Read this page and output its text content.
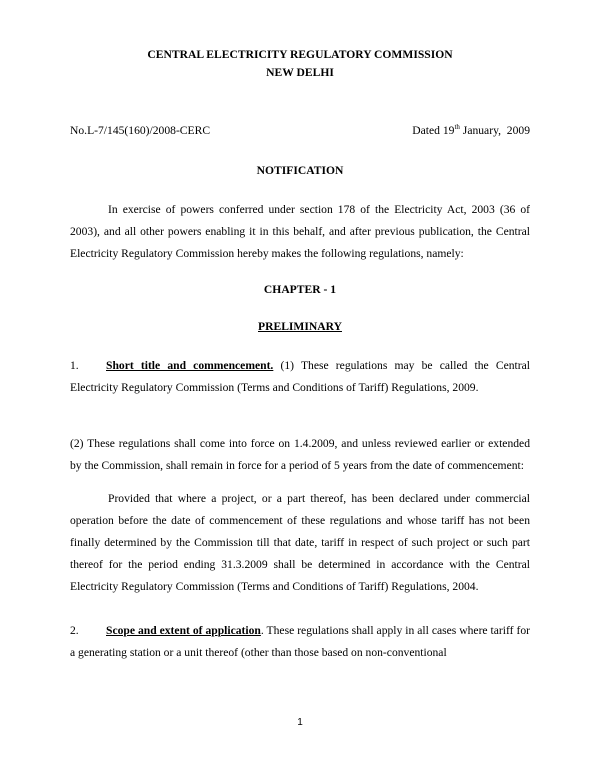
CENTRAL ELECTRICITY REGULATORY COMMISSION
NEW DELHI
No.L-7/145(160)/2008-CERC	Dated 19th January,  2009
NOTIFICATION

In exercise of powers conferred under section 178 of the Electricity Act, 2003 (36 of 2003), and all other powers enabling it in this behalf, and after previous publication, the Central Electricity Regulatory Commission hereby makes the following regulations, namely:

CHAPTER - 1
PRELIMINARY

1. Short title and commencement. (1) These regulations may be called the Central Electricity Regulatory Commission (Terms and Conditions of Tariff) Regulations, 2009.

(2) These regulations shall come into force on 1.4.2009, and unless reviewed earlier or extended by the Commission, shall remain in force for a period of 5 years from the date of commencement:

Provided that where a project, or a part thereof, has been declared under commercial operation before the date of commencement of these regulations and whose tariff has not been finally determined by the Commission till that date, tariff in respect of such project or such part thereof for the period ending 31.3.2009 shall be determined in accordance with the Central Electricity Regulatory Commission (Terms and Conditions of Tariff) Regulations, 2004.

2. Scope and extent of application. These regulations shall apply in all cases where tariff for a generating station or a unit thereof (other than those based on non-conventional

1
